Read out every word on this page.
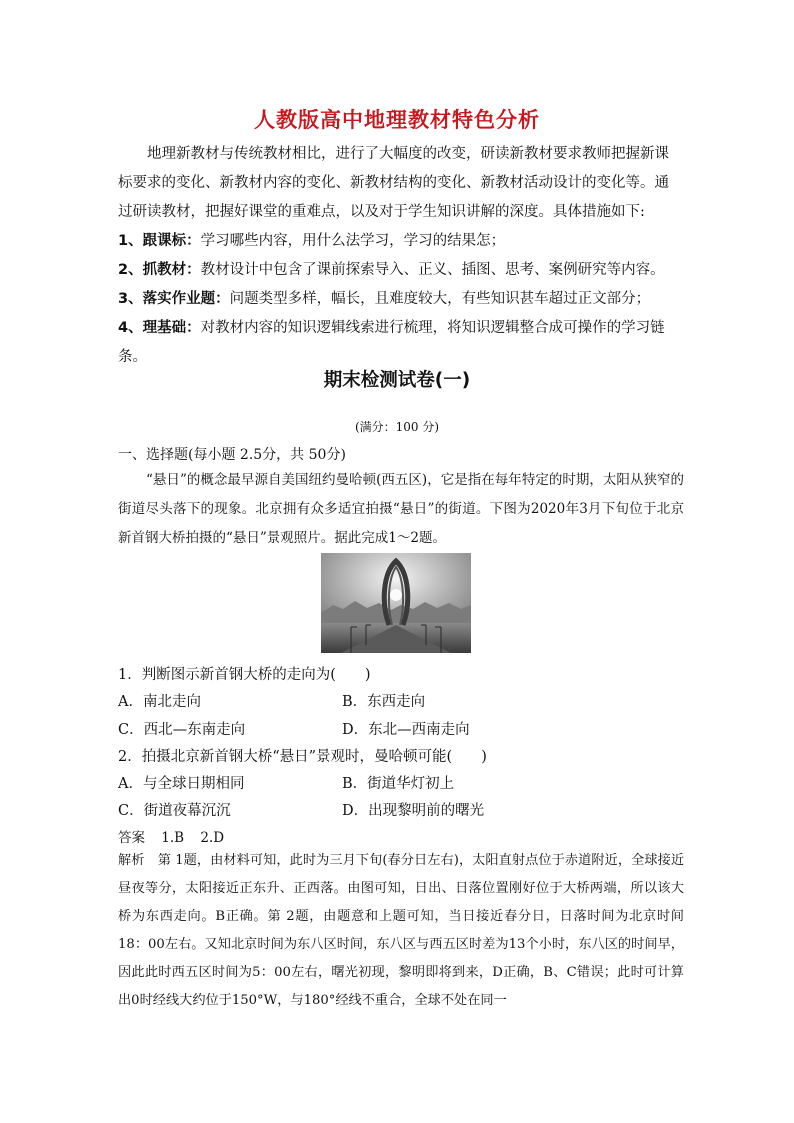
人教版高中地理教材特色分析

地理新教材与传统教材相比，进行了大幅度的改变，研读新教材要求教师把握新课标要求的变化、新教材内容的变化、新教材结构的变化、新教材活动设计的变化等。通过研读教材，把握好课堂的重难点，以及对于学生知识讲解的深度。具体措施如下:

1、跟课标：学习哪些内容，用什么法学习，学习的结果怎；

2、抓教材：教材设计中包含了课前探索导入、正义、插图、思考、案例研究等内容。

3、落实作业题：问题类型多样，幅长，且难度较大，有些知识甚车超过正文部分；

4、理基础：对教材内容的知识逻辑线索进行梳理，将知识逻辑整合成可操作的学习链条。

期末检测试卷(一)
(满分：100 分)
一、选择题(每小题 2.5分，共 50分)

“悬日”的概念最早源自美国纽约曼哈顿(西五区)，它是指在每年特定的时期，太阳从狭窄的街道尽头落下的现象。北京拥有众多适宜拍摄“悬日”的街道。下图为2020年3月下旬位于北京新首钢大桥拍摄的“悬日”景观照片。据此完成1～2题。

1．判断图示新首钢大桥的走向为(　　)
A．南北走向	B．东西走向
C．西北—东南走向	D．东北—西南走向
2．拍摄北京新首钢大桥“悬日”景观时，曼哈顿可能(　　)
A．与全球日期相同	B．街道华灯初上
C．街道夜幕沉沉	D．出现黎明前的曙光
答案 1.B 2.D

解析　 第 1题，由材料可知，此时为三月下旬(春分日左右)，太阳直射点位于赤道附近，全球接近昼夜等分，太阳接近正东升、正西落。由图可知，日出、日落位置刚好位于大桥两端，所以该大桥为东西走向。B正确。第 2题，由题意和上题可知，当日接近春分日，日落时间为北京时间18：00左右。又知北京时间为东八区时间，东八区与西五区时差为13个小时，东八区的时间早，因此此时西五区时间为5：00左右，曙光初现，黎明即将到来，D正确，B、C错误；此时可计算出0时经线大约位于150°W，与180°经线不重合，全球不处在同一
